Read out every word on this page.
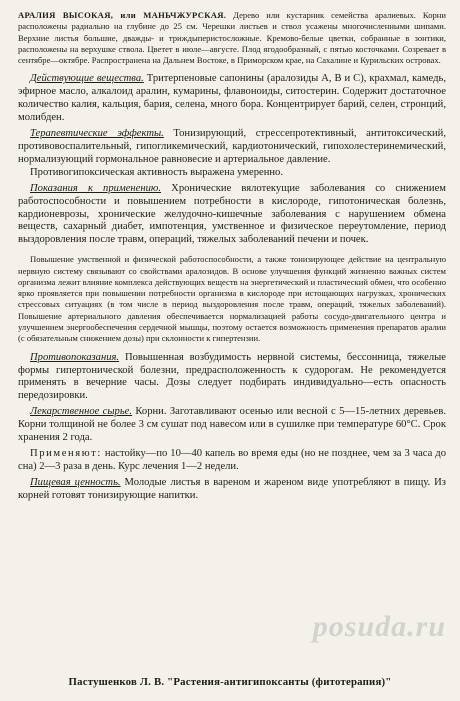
АРАЛИЯ ВЫСОКАЯ, или МАНЬЧЖУРСКАЯ. Дерево или кустарник семейства аралиевых. Корни расположены радиально на глубине до 25 см. Черешки листьев и ствол усажены многочисленными шипами. Верхние листья большие, дважды- и триждыперистосложные. Кремово-белые цветки, собранные в зонтики, расположены на верхушке ствола. Цветет в июле—августе. Плод ягодообразный, с пятью косточками. Созревает в сентябре—октябре. Распространена на Дальнем Востоке, в Приморском крае, на Сахалине и Курильских островах.

Действующие вещества. Тритерпеновые сапонины (аралозиды А, В и С), крахмал, камедь, эфирное масло, алкалоид аралин, кумарины, флавоноиды, ситостерин. Содержит достаточное количество калия, кальция, бария, селена, много бора. Концентрирует барий, селен, стронций, молибден.

Терапевтические эффекты. Тонизирующий, стрессепротективный, антитоксический, противовоспалительный, гипогликемический, кардиотонический, гипохолестеринемический, нормализующий гормональное равновесие и артериальное давление.

Противогипоксическая активность выражена умеренно.

Показания к применению. Хронические вялотекущие заболевания со снижением работоспособности и повышением потребности в кислороде, гипотоническая болезнь, кардионеврозы, хронические желудочно-кишечные заболевания с нарушением обмена веществ, сахарный диабет, импотенция, умственное и физическое переутомление, период выздоровления после травм, операций, тяжелых заболеваний печени и почек.

Повышение умственной и физической работоспособности, а также тонизирующее действие на центральную нервную систему связывают со свойствами аралозидов. В основе улучшения функций жизненно важных систем организма лежит влияние комплекса действующих веществ на энергетический и пластический обмен, что особенно ярко проявляется при повышении потребности организма в кислороде при истощающих нагрузках, хронических стрессовых ситуациях (в том числе в период выздоровления после травм, операций, тяжелых заболеваний). Повышение артериального давления обеспечивается нормализацией работы сосудо-двигательного центра и улучшением энергообеспечения сердечной мышцы, поэтому остается возможность применения препаратов аралии (с обязательным снижением дозы) при склонности к гипертензии.

Противопоказания. Повышенная возбудимость нервной системы, бессонница, тяжелые формы гипертонической болезни, предрасположенность к судорогам. Не рекомендуется применять в вечерние часы. Дозы следует подбирать индивидуально—есть опасность передозировки.

Лекарственное сырье. Корни. Заготавливают осенью или весной с 5—15-летних деревьев. Корни толщиной не более 3 см сушат под навесом или в сушилке при температуре 60°С. Срок хранения 2 года.

Применяют: настойку—по 10—40 капель во время еды (но не позднее, чем за 3 часа до сна) 2—3 раза в день. Курс лечения 1—2 недели.

Пищевая ценность. Молодые листья в вареном и жареном виде употребляют в пищу. Из корней готовят тонизирующие напитки.

posuda.ru
Пастушенков Л. В. "Растения-антигипоксанты (фитотерапия)"
